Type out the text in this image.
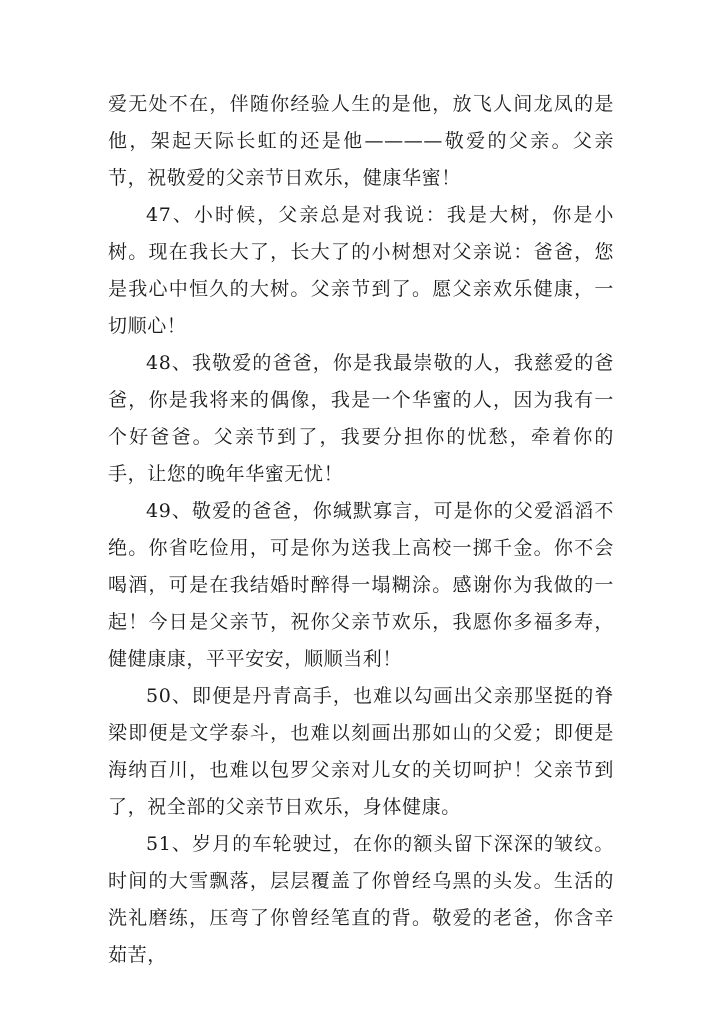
爱无处不在，伴随你经验人生的是他，放飞人间龙凤的是他，架起天际长虹的还是他————敬爱的父亲。父亲节，祝敬爱的父亲节日欢乐，健康华蜜！

47、小时候，父亲总是对我说：我是大树，你是小树。现在我长大了，长大了的小树想对父亲说：爸爸，您是我心中恒久的大树。父亲节到了。愿父亲欢乐健康，一切顺心！

48、我敬爱的爸爸，你是我最崇敬的人，我慈爱的爸爸，你是我将来的偶像，我是一个华蜜的人，因为我有一个好爸爸。父亲节到了，我要分担你的忧愁，牵着你的手，让您的晚年华蜜无忧！

49、敬爱的爸爸，你缄默寡言，可是你的父爱滔滔不绝。你省吃俭用，可是你为送我上高校一掷千金。你不会喝酒，可是在我结婚时醉得一塌糊涂。感谢你为我做的一起！今日是父亲节，祝你父亲节欢乐，我愿你多福多寿，健健康康，平平安安，顺顺当利！

50、即便是丹青高手，也难以勾画出父亲那坚挺的脊梁即便是文学泰斗，也难以刻画出那如山的父爱；即便是海纳百川，也难以包罗父亲对儿女的关切呵护！父亲节到了，祝全部的父亲节日欢乐，身体健康。

51、岁月的车轮驶过，在你的额头留下深深的皱纹。时间的大雪飘落，层层覆盖了你曾经乌黑的头发。生活的洗礼磨练，压弯了你曾经笔直的背。敬爱的老爸，你含辛茹苦，
